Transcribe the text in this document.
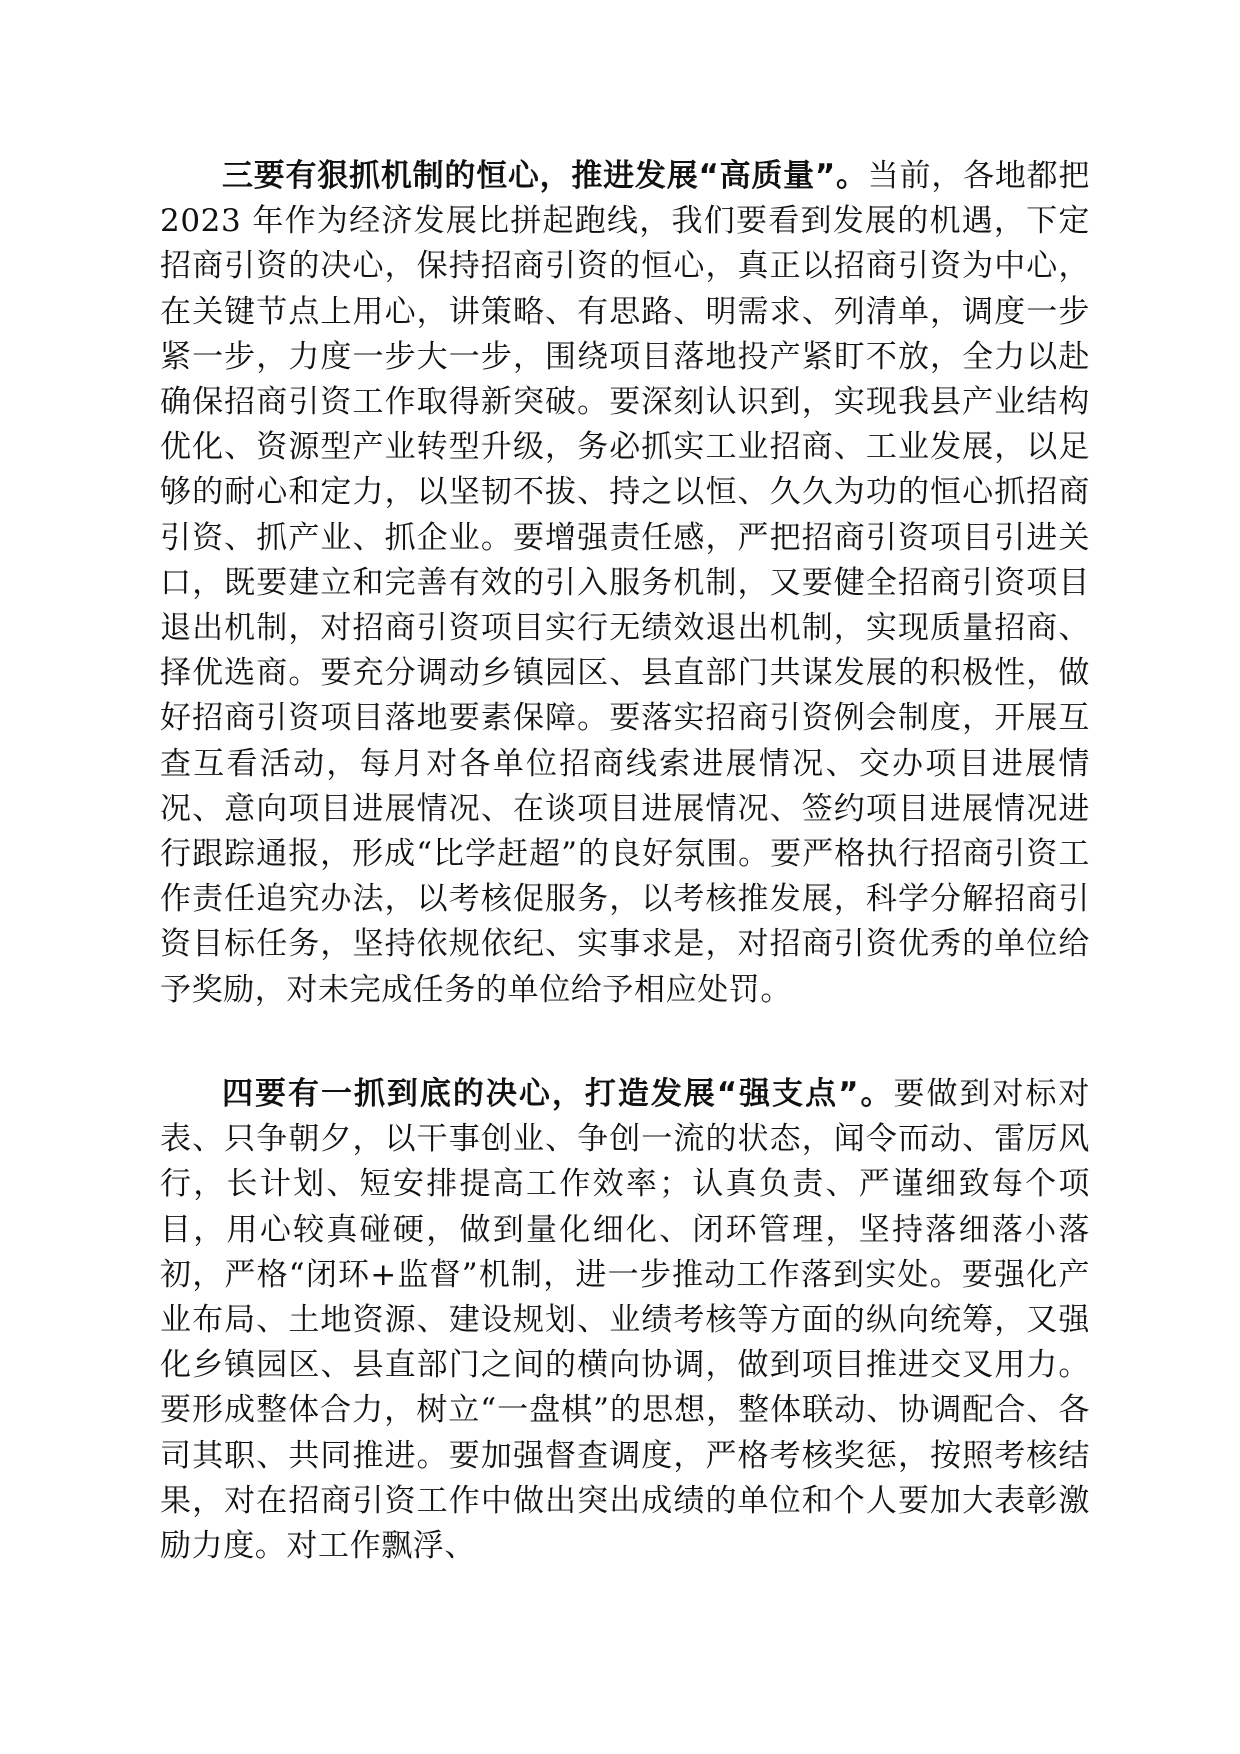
三要有狠抓机制的恒心，推进发展“高质量”。当前，各地都把 2023 年作为经济发展比拼起跑线，我们要看到发展的机遇，下定招商引资的决心，保持招商引资的恒心，真正以招商引资为中心，在关键节点上用心，讲策略、有思路、明需求、列清单，调度一步紧一步，力度一步大一步，围绕项目落地投产紧盯不放，全力以赴确保招商引资工作取得新突破。要深刻认识到，实现我县产业结构优化、资源型产业转型升级，务必抓实工业招商、工业发展，以足够的耐心和定力，以坚韧不拔、持之以恒、久久为功的恒心抓招商引资、抓产业、抓企业。要增强责任感，严把招商引资项目引进关口，既要建立和完善有效的引入服务机制，又要健全招商引资项目退出机制，对招商引资项目实行无绩效退出机制，实现质量招商、择优选商。要充分调动乡镇园区、县直部门共谋发展的积极性，做好招商引资项目落地要素保障。要落实招商引资例会制度，开展互查互看活动，每月对各单位招商线索进展情况、交办项目进展情况、意向项目进展情况、在谈项目进展情况、签约项目进展情况进行跟踪通报，形成“比学赶超”的良好氛围。要严格执行招商引资工作责任追究办法，以考核促服务，以考核推发展，科学分解招商引资目标任务，坚持依规依纪、实事求是，对招商引资优秀的单位给予奖励，对未完成任务的单位给予相应处罚。

四要有一抓到底的决心，打造发展“强支点”。要做到对标对表、只争朝夕，以干事创业、争创一流的状态，闻令而动、雷厉风行，长计划、短安排提高工作效率；认真负责、严谨细致每个项目，用心较真碰硬，做到量化细化、闭环管理，坚持落细落小落初，严格“闭环+监督”机制，进一步推动工作落到实处。要强化产业布局、土地资源、建设规划、业绩考核等方面的纵向统筹，又强化乡镇园区、县直部门之间的横向协调，做到项目推进交叉用力。要形成整体合力，树立“一盘棋”的思想，整体联动、协调配合、各司其职、共同推进。要加强督查调度，严格考核奖惩，按照考核结果，对在招商引资工作中做出突出成绩的单位和个人要加大表彰激励力度。对工作飘浮、
